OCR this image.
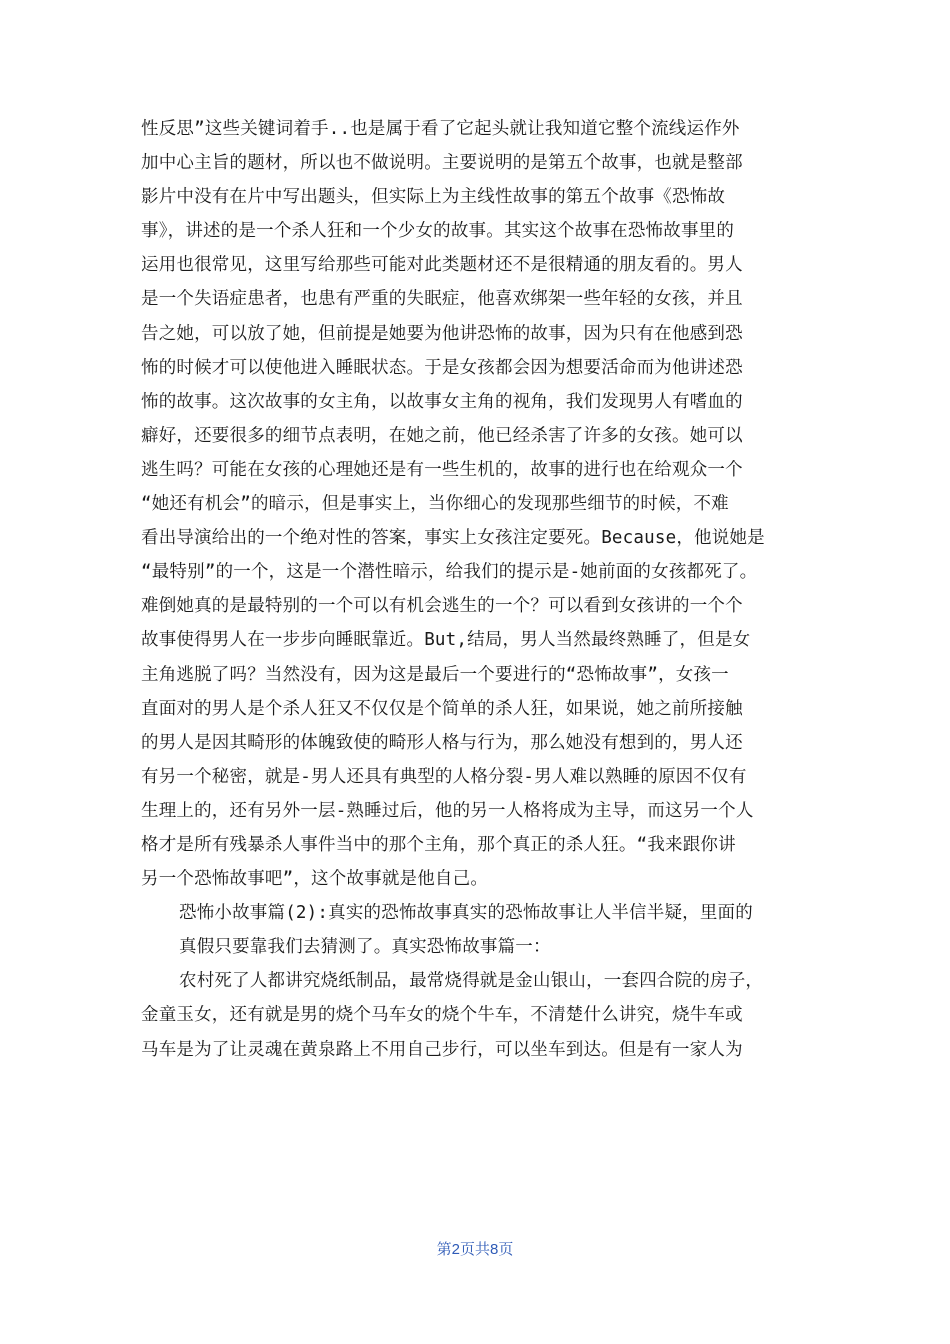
性反思”这些关键词着手..也是属于看了它起头就让我知道它整个流线运作外
加中心主旨的题材，所以也不做说明。主要说明的是第五个故事，也就是整部
影片中没有在片中写出题头，但实际上为主线性故事的第五个故事《恐怖故
事》，讲述的是一个杀人狂和一个少女的故事。其实这个故事在恐怖故事里的
运用也很常见，这里写给那些可能对此类题材还不是很精通的朋友看的。男人
是一个失语症患者，也患有严重的失眠症，他喜欢绑架一些年轻的女孩，并且
告之她，可以放了她，但前提是她要为他讲恐怖的故事，因为只有在他感到恐
怖的时候才可以使他进入睡眠状态。于是女孩都会因为想要活命而为他讲述恐
怖的故事。这次故事的女主角，以故事女主角的视角，我们发现男人有嗜血的
癖好，还要很多的细节点表明，在她之前，他已经杀害了许多的女孩。她可以
逃生吗？可能在女孩的心理她还是有一些生机的，故事的进行也在给观众一个
“她还有机会”的暗示，但是事实上，当你细心的发现那些细节的时候，不难
看出导演给出的一个绝对性的答案，事实上女孩注定要死。Because，他说她是
“最特别”的一个，这是一个潜性暗示，给我们的提示是-她前面的女孩都死了。
难倒她真的是最特别的一个可以有机会逃生的一个？可以看到女孩讲的一个个
故事使得男人在一步步向睡眠靠近。But,结局，男人当然最终熟睡了，但是女
主角逃脱了吗？当然没有，因为这是最后一个要进行的“恐怖故事”，女孩一
直面对的男人是个杀人狂又不仅仅是个简单的杀人狂，如果说，她之前所接触
的男人是因其畸形的体魄致使的畸形人格与行为，那么她没有想到的，男人还
有另一个秘密，就是-男人还具有典型的人格分裂-男人难以熟睡的原因不仅有
生理上的，还有另外一层-熟睡过后，他的另一人格将成为主导，而这另一个人
格才是所有残暴杀人事件当中的那个主角，那个真正的杀人狂。“我来跟你讲
另一个恐怖故事吧”，这个故事就是他自己。
恐怖小故事篇(2):真实的恐怖故事真实的恐怖故事让人半信半疑，里面的
真假只要靠我们去猜测了。真实恐怖故事篇一：
农村死了人都讲究烧纸制品，最常烧得就是金山银山，一套四合院的房子，
金童玉女，还有就是男的烧个马车女的烧个牛车，不清楚什么讲究，烧牛车或
马车是为了让灵魂在黄泉路上不用自己步行，可以坐车到达。但是有一家人为
第2页共8页
